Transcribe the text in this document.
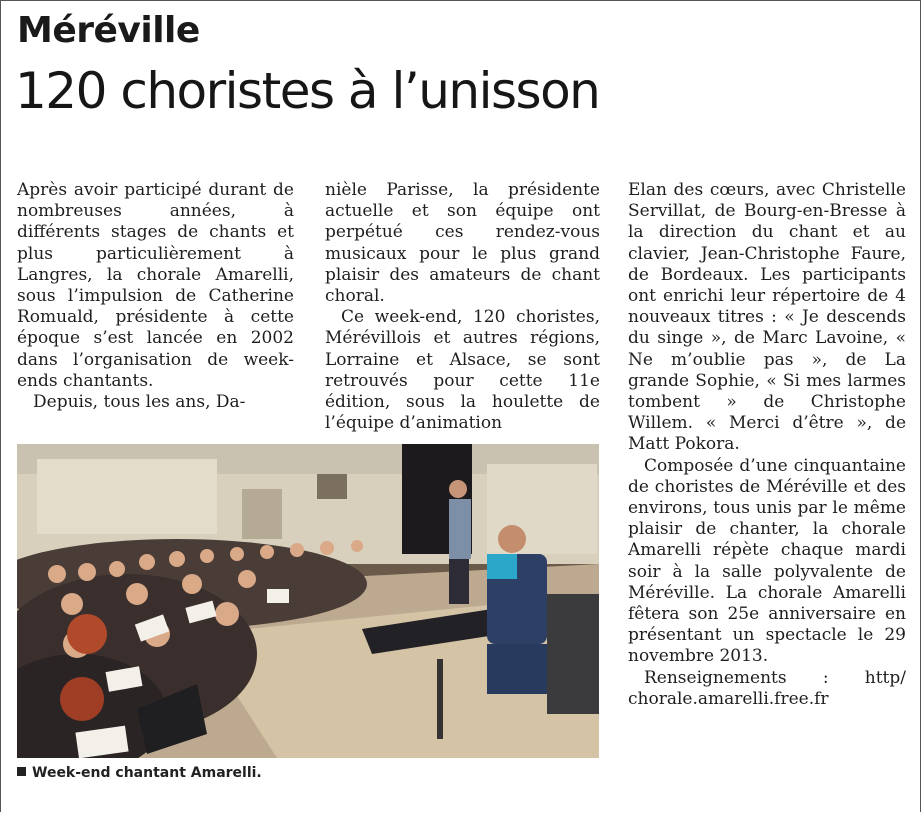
Méréville
120 choristes à l’unisson

Après avoir participé durant de nombreuses années, à différents stages de chants et plus particulièrement à Langres, la chorale Amarelli, sous l’impulsion de Catherine Romuald, présidente à cette époque s’est lancée en 2002 dans l’organisation de week-ends chantants.

Depuis, tous les ans, Da-

nièle Parisse, la présidente actuelle et son équipe ont perpétué ces rendez-vous musicaux pour le plus grand plaisir des amateurs de chant choral.

Ce week-end, 120 choristes, Mérévillois et autres régions, Lorraine et Alsace, se sont retrouvés pour cette 11e édition, sous la houlette de l’équipe d’animation

Elan des cœurs, avec Christelle Servillat, de Bourg-en-Bresse à la direction du chant et au clavier, Jean-Christophe Faure, de Bordeaux. Les participants ont enrichi leur répertoire de 4 nouveaux titres : « Je descends du singe », de Marc Lavoine, « Ne m’oublie pas », de La grande Sophie, « Si mes larmes tombent » de Christophe Willem. « Merci d’être », de Matt Pokora.

Composée d’une cinquantaine de choristes de Méréville et des environs, tous unis par le même plaisir de chanter, la chorale Amarelli répète chaque mardi soir à la salle polyvalente de Méréville. La chorale Amarelli fêtera son 25e anniversaire en présentant un spectacle le 29 novembre 2013.

Renseignements : http/ chorale.amarelli.free.fr

Week-end chantant Amarelli.
